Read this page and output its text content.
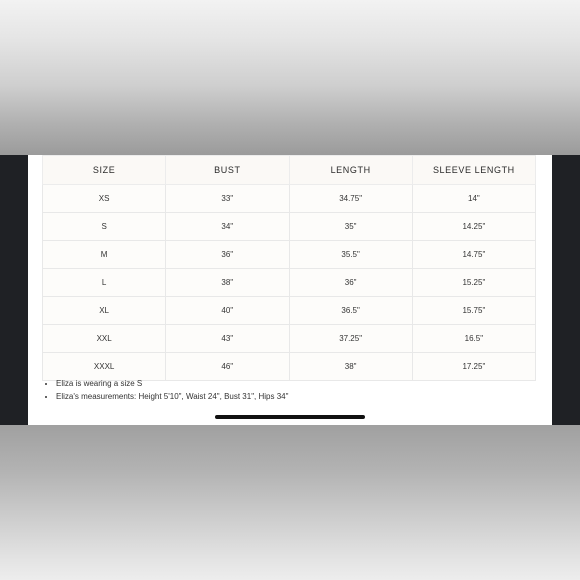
SIZE	BUST	LENGTH	SLEEVE LENGTH
XS	33''	34.75"	14"
S	34''	35"	14.25"
M	36''	35.5"	14.75"
L	38''	36"	15.25"
XL	40''	36.5"	15.75"
XXL	43''	37.25"	16.5"
XXXL	46''	38"	17.25"
• Eliza is wearing a size S
• Eliza's measurements: Height 5'10", Waist 24", Bust 31", Hips 34"
